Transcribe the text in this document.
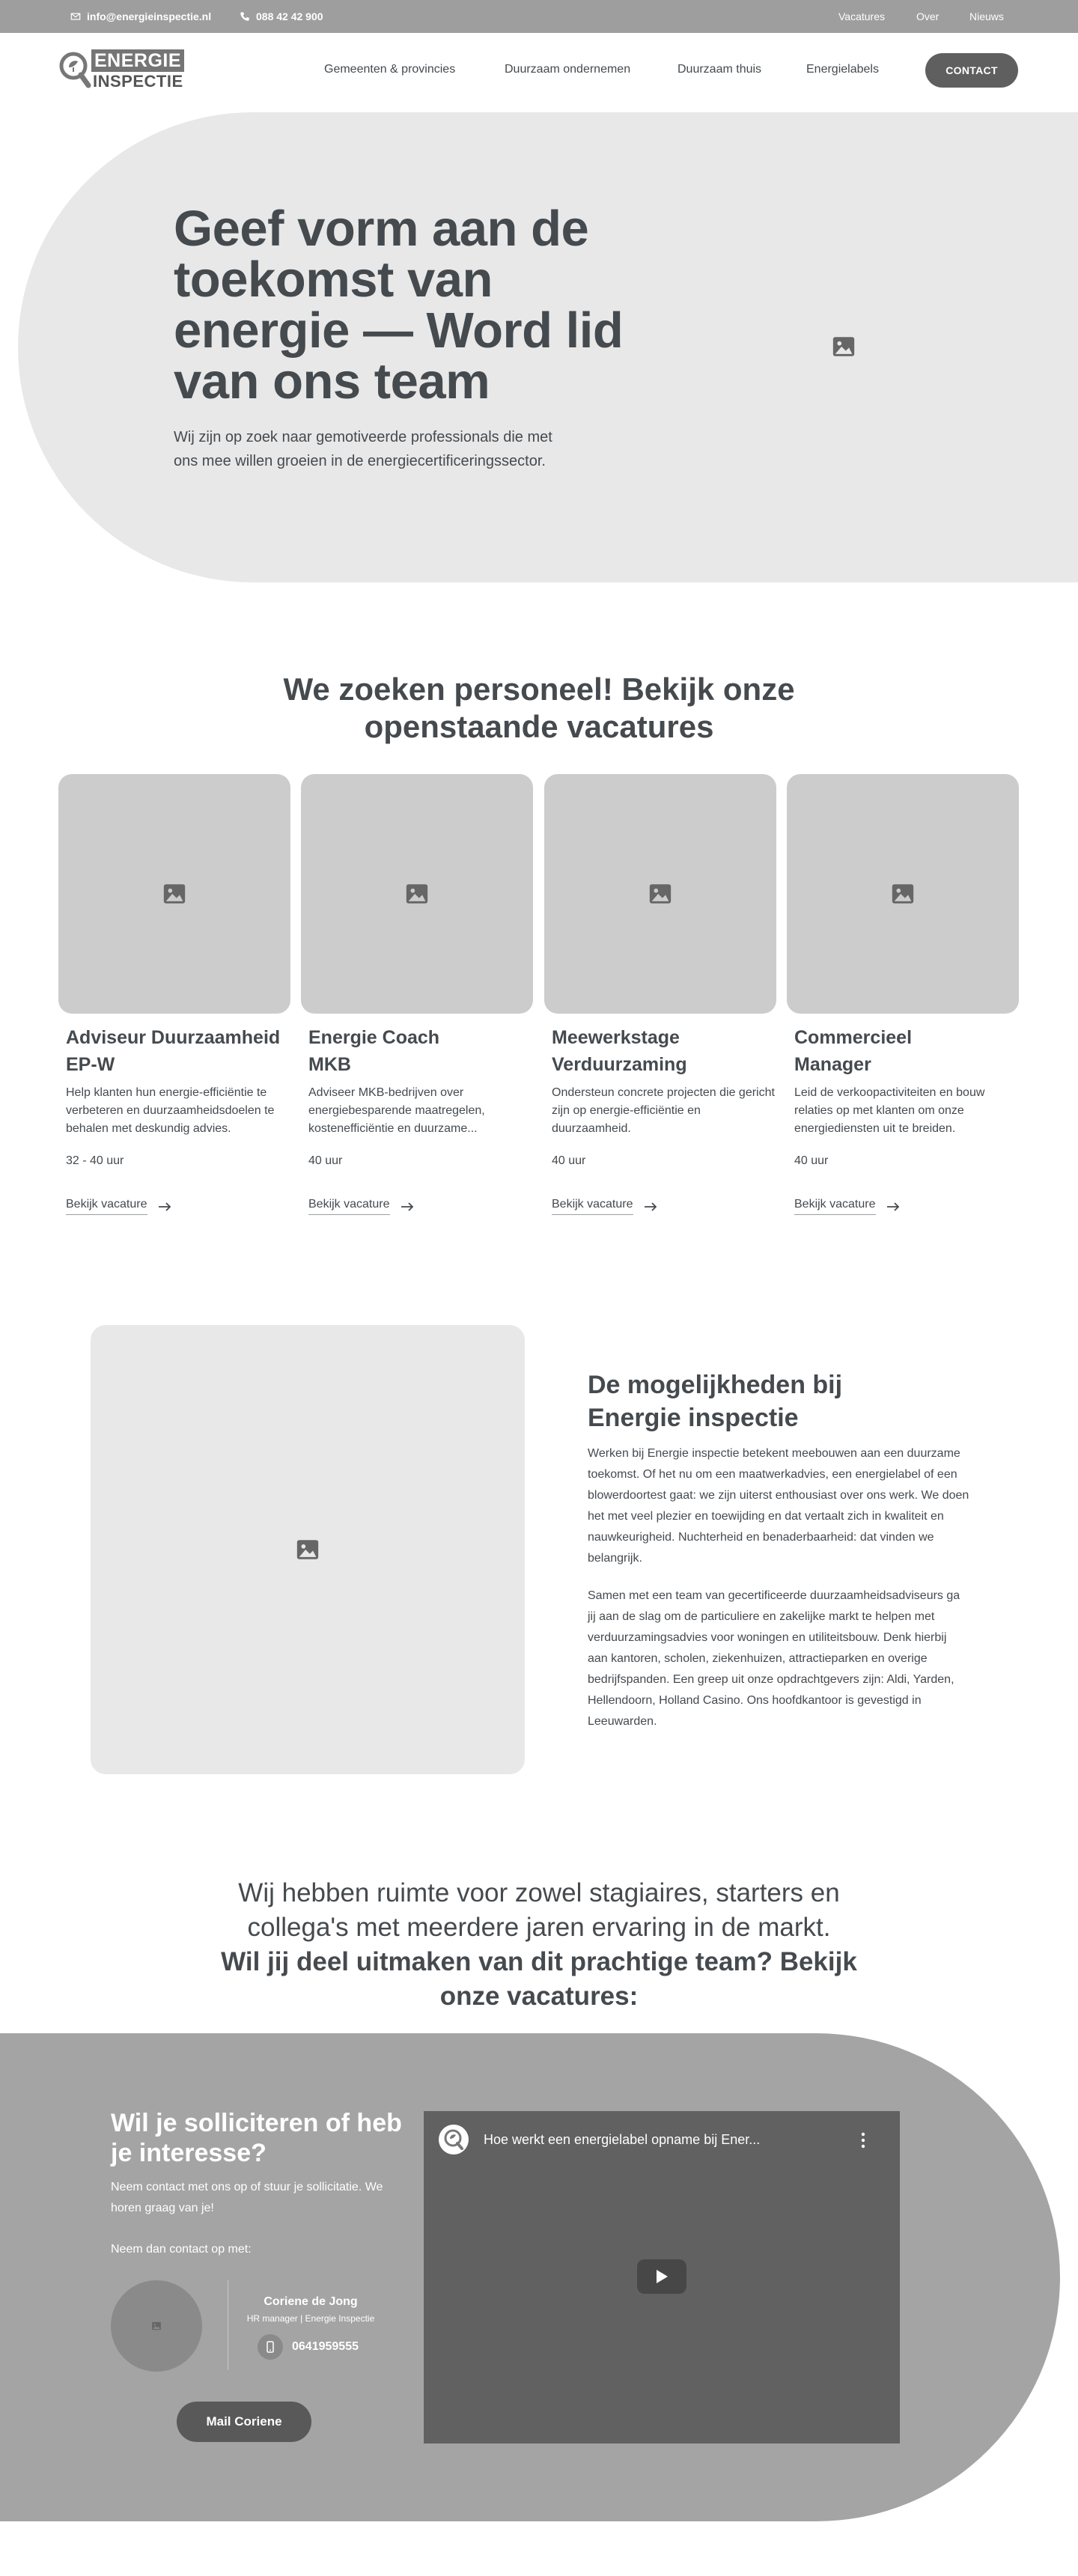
info@energieinspectie.nl	088 42 42 900	Vacatures	Over	Nieuws
ENERGIE
INSPECTIE
Gemeenten & provincies	Duurzaam ondernemen	Duurzaam thuis	Energielabels	CONTACT
Geef vorm aan de toekomst van energie — Word lid van ons team

Wij zijn op zoek naar gemotiveerde professionals die met ons mee willen groeien in de energiecertificeringssector.

We zoeken personeel! Bekijk onze openstaande vacatures
Adviseur Duurzaamheid EP-W
Help klanten hun energie-efficiëntie te verbeteren en duurzaamheidsdoelen te behalen met deskundig advies.
32 - 40 uur
Bekijk vacature
Energie Coach MKB
Adviseer MKB-bedrijven over energiebesparende maatregelen, kostenefficiëntie en duurzame...
40 uur
Bekijk vacature
Meewerkstage Verduurzaming
Ondersteun concrete projecten die gericht zijn op energie-efficiëntie en duurzaamheid.
40 uur
Bekijk vacature
Commercieel Manager
Leid de verkoopactiviteiten en bouw relaties op met klanten om onze energiediensten uit te breiden.
40 uur
Bekijk vacature
De mogelijkheden bij Energie inspectie

Werken bij Energie inspectie betekent meebouwen aan een duurzame toekomst. Of het nu om een maatwerkadvies, een energielabel of een blowerdoortest gaat: we zijn uiterst enthousiast over ons werk. We doen het met veel plezier en toewijding en dat vertaalt zich in kwaliteit en nauwkeurigheid. Nuchterheid en benaderbaarheid: dat vinden we belangrijk.

Samen met een team van gecertificeerde duurzaamheidsadviseurs ga jij aan de slag om de particuliere en zakelijke markt te helpen met verduurzamingsadvies voor woningen en utiliteitsbouw. Denk hierbij aan kantoren, scholen, ziekenhuizen, attractieparken en overige bedrijfspanden. Een greep uit onze opdrachtgevers zijn: Aldi, Yarden, Hellendoorn, Holland Casino. Ons hoofdkantoor is gevestigd in Leeuwarden.

Wij hebben ruimte voor zowel stagiaires, starters en collega's met meerdere jaren ervaring in de markt.
Wil jij deel uitmaken van dit prachtige team? Bekijk onze vacatures:
Wil je solliciteren of heb je interesse?

Neem contact met ons op of stuur je sollicitatie. We horen graag van je!

Neem dan contact op met:

Coriene de Jong
HR manager | Energie Inspectie
0641959555
Mail Coriene
Hoe werkt een energielabel opname bij Ener...
